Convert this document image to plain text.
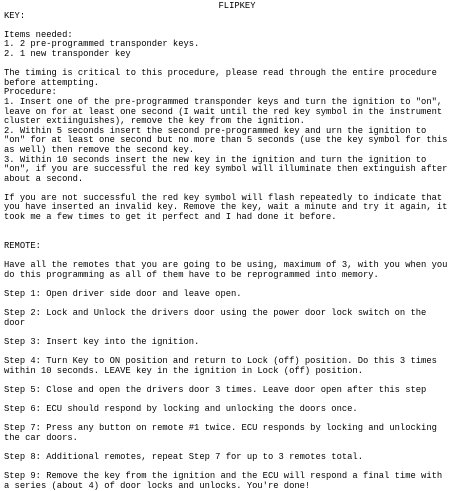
FLIPKEY
KEY:
Items needed:
1. 2 pre-programmed transponder keys.
2. 1 new transponder key
The timing is critical to this procedure, please read through the entire procedure
before attempting.
Procedure:
1. Insert one of the pre-programmed transponder keys and turn the ignition to "on",
leave on for at least one second (I wait until the red key symbol in the instrument
cluster extiinguishes), remove the key from the ignition.
2. Within 5 seconds insert the second pre-programmed key and urn the ignition to
"on" for at least one second but no more than 5 seconds (use the key symbol for this
as well) then remove the second key.
3. Within 10 seconds insert the new key in the ignition and turn the ignition to
"on", if you are successful the red key symbol will illuminate then extinguish after
about a second.
If you are not successful the red key symbol will flash repeatedly to indicate that
you have inserted an invalid key. Remove the key, wait a minute and try it again, it
took me a few times to get it perfect and I had done it before.
REMOTE:
Have all the remotes that you are going to be using, maximum of 3, with you when you
do this programming as all of them have to be reprogrammed into memory.
Step 1: Open driver side door and leave open.
Step 2: Lock and Unlock the drivers door using the power door lock switch on the
door
Step 3: Insert key into the ignition.
Step 4: Turn Key to ON position and return to Lock (off) position. Do this 3 times
within 10 seconds. LEAVE key in the ignition in Lock (off) position.
Step 5: Close and open the drivers door 3 times. Leave door open after this step
Step 6: ECU should respond by locking and unlocking the doors once.
Step 7: Press any button on remote #1 twice. ECU responds by locking and unlocking
the car doors.
Step 8: Additional remotes, repeat Step 7 for up to 3 remotes total.
Step 9: Remove the key from the ignition and the ECU will respond a final time with
a series (about 4) of door locks and unlocks. You're done!
